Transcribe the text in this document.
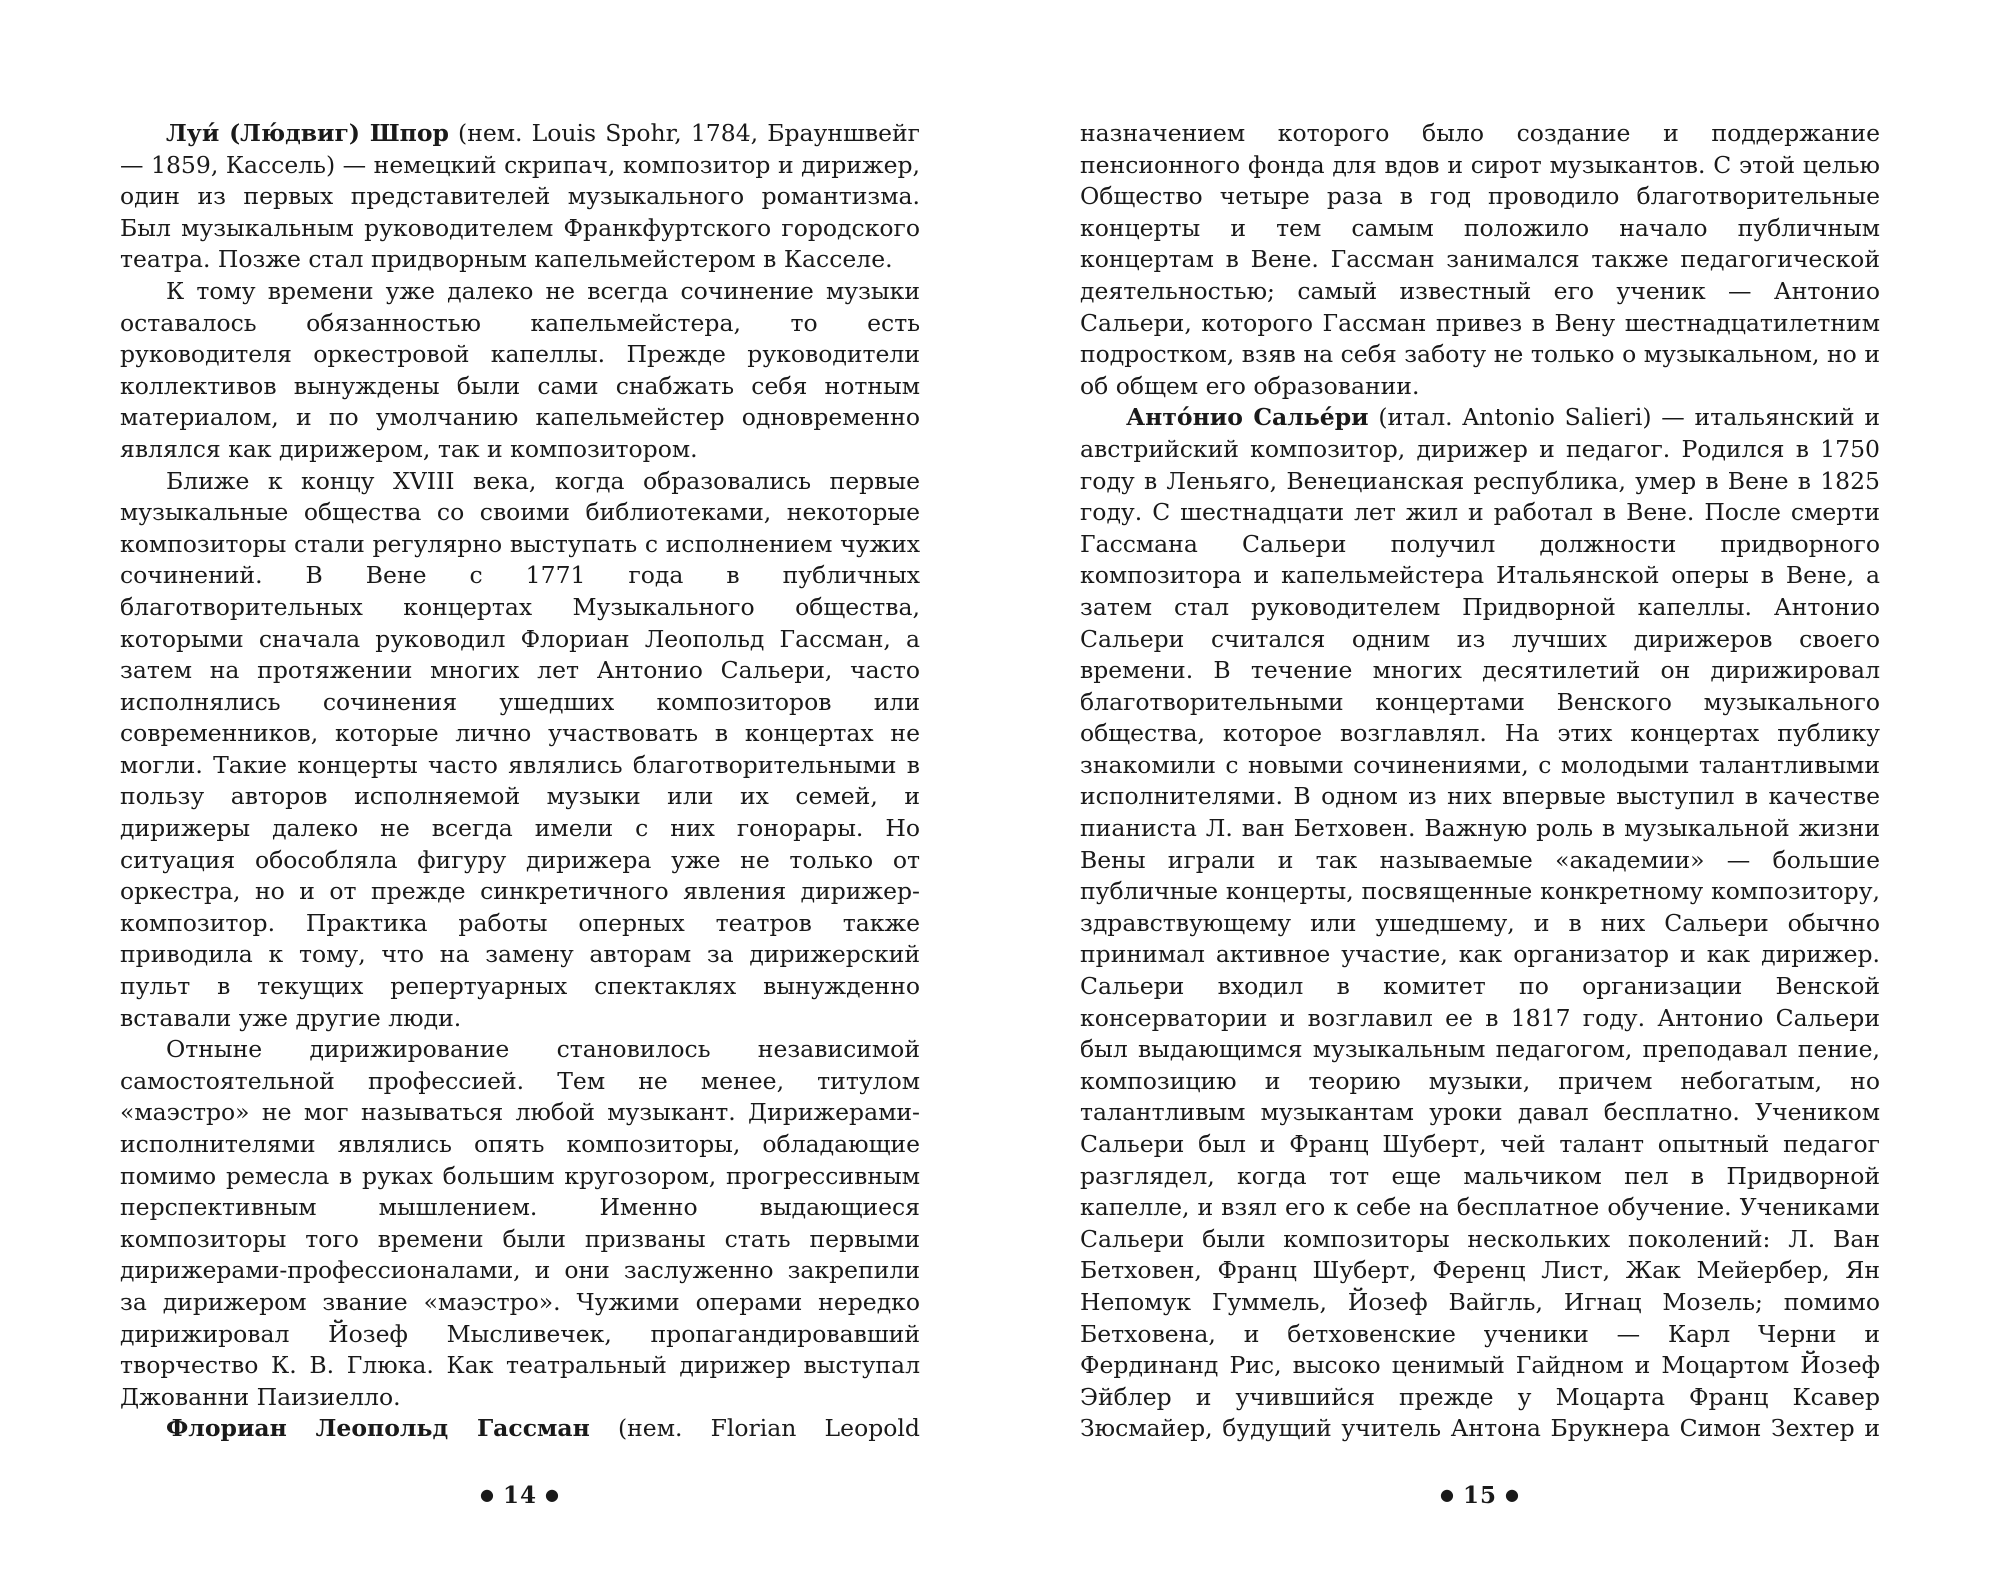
Луи́ (Лю́двиг) Шпор (нем. Louis Spohr, 1784, Брауншвейг — 1859, Кассель) — немецкий скрипач, композитор и дирижер, один из первых представителей музыкального романтизма. Был музыкальным руководителем Франкфуртского городского театра. Позже стал придворным капельмейстером в Касселе.

К тому времени уже далеко не всегда сочинение музыки оставалось обязанностью капельмейстера, то есть руководителя оркестровой капеллы. Прежде руководители коллективов вынуждены были сами снабжать себя нотным материалом, и по умолчанию капельмейстер одновременно являлся как дирижером, так и композитором.

Ближе к концу XVIII века, когда образовались первые музыкальные общества со своими библиотеками, некоторые композиторы стали регулярно выступать с исполнением чужих сочинений. В Вене с 1771 года в публичных благотворительных концертах Музыкального общества, которыми сначала руководил Флориан Леопольд Гассман, а затем на протяжении многих лет Антонио Сальери, часто исполнялись сочинения ушедших композиторов или современников, которые лично участвовать в концертах не могли. Такие концерты часто являлись благотворительными в пользу авторов исполняемой музыки или их семей, и дирижеры далеко не всегда имели с них гонорары. Но ситуация обособляла фигуру дирижера уже не только от оркестра, но и от прежде синкретичного явления дирижер-композитор. Практика работы оперных театров также приводила к тому, что на замену авторам за дирижерский пульт в текущих репертуарных спектаклях вынужденно вставали уже другие люди.

Отныне дирижирование становилось независимой самостоятельной профессией. Тем не менее, титулом «маэстро» не мог называться любой музыкант. Дирижерами-исполнителями являлись опять композиторы, обладающие помимо ремесла в руках большим кругозором, прогрессивным перспективным мышлением. Именно выдающиеся композиторы того времени были призваны стать первыми дирижерами-профессионалами, и они заслуженно закрепили за дирижером звание «маэстро». Чужими операми нередко дирижировал Йозеф Мысливечек, пропагандировавший творчество К. В. Глюка. Как театральный дирижер выступал Джованни Паизиелло.

Флориан Леопольд Гассман (нем. Florian Leopold

● 14 ●

назначением которого было создание и поддержание пенсионного фонда для вдов и сирот музыкантов. С этой целью Общество четыре раза в год проводило благотворительные концерты и тем самым положило начало публичным концертам в Вене. Гассман занимался также педагогической деятельностью; самый известный его ученик — Антонио Сальери, которого Гассман привез в Вену шестнадцатилетним подростком, взяв на себя заботу не только о музыкальном, но и об общем его образовании.

Анто́нио Салье́ри (итал. Antonio Salieri) — итальянский и австрийский композитор, дирижер и педагог. Родился в 1750 году в Леньяго, Венецианская республика, умер в Вене в 1825 году. С шестнадцати лет жил и работал в Вене. После смерти Гассмана Сальери получил должности придворного композитора и капельмейстера Итальянской оперы в Вене, а затем стал руководителем Придворной капеллы. Антонио Сальери считался одним из лучших дирижеров своего времени. В течение многих десятилетий он дирижировал благотворительными концертами Венского музыкального общества, которое возглавлял. На этих концертах публику знакомили с новыми сочинениями, с молодыми талантливыми исполнителями. В одном из них впервые выступил в качестве пианиста Л. ван Бетховен. Важную роль в музыкальной жизни Вены играли и так называемые «академии» — большие публичные концерты, посвященные конкретному композитору, здравствующему или ушедшему, и в них Сальери обычно принимал активное участие, как организатор и как дирижер. Сальери входил в комитет по организации Венской консерватории и возглавил ее в 1817 году. Антонио Сальери был выдающимся музыкальным педагогом, преподавал пение, композицию и теорию музыки, причем небогатым, но талантливым музыкантам уроки давал бесплатно. Учеником Сальери был и Франц Шуберт, чей талант опытный педагог разглядел, когда тот еще мальчиком пел в Придворной капелле, и взял его к себе на бесплатное обучение. Учениками Сальери были композиторы нескольких поколений: Л. Ван Бетховен, Франц Шуберт, Ференц Лист, Жак Мейербер, Ян Непомук Гуммель, Йозеф Вайгль, Игнац Мозель; помимо Бетховена, и бетховенские ученики — Карл Черни и Фердинанд Рис, высоко ценимый Гайдном и Моцартом Йозеф Эйблер и учившийся прежде у Моцарта Франц Ксавер Зюсмайер, будущий учитель Антона Брукнера Симон Зехтер и

● 15 ●
